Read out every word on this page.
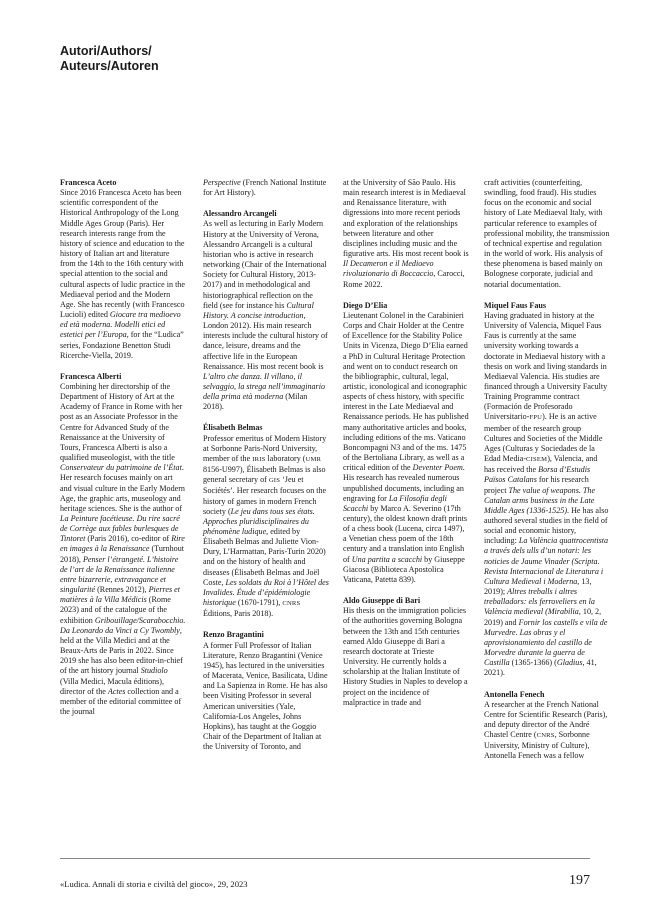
Autori/Authors/
Auteurs/Autoren
Francesca Aceto

Since 2016 Francesca Aceto has been scientific correspondent of the Historical Anthropology of the Long Middle Ages Group (Paris). Her research interests range from the history of science and education to the history of Italian art and literature from the 14th to the 16th century with special attention to the social and cultural aspects of ludic practice in the Mediaeval period and the Modern Age. She has recently (with Francesco Lucioli) edited Giocare tra medioevo ed età moderna. Modelli etici ed estetici per l’Europa, for the “Ludica” series, Fondazione Benetton Studi Ricerche-Viella, 2019.

Francesca Alberti

Combining her directorship of the Department of History of Art at the Academy of France in Rome with her post as an Associate Professor in the Centre for Advanced Study of the Renaissance at the University of Tours, Francesca Alberti is also a qualified museologist, with the title Conservateur du patrimoine de l’État. Her research focuses mainly on art and visual culture in the Early Modern Age, the graphic arts, museology and heritage sciences. She is the author of La Peinture facétieuse. Du rire sacré de Corrège aux fables burlesques de Tintoret (Paris 2016), co-editor of Rire en images à la Renaissance (Turnhout 2018), Penser l’étrangeté. L’histoire de l’art de la Renaissance italienne entre bizarrerie, extravagance et singularité (Rennes 2012), Pierres et matières à la Villa Médicis (Rome 2023) and of the catalogue of the exhibition Gribouillage/Scarabocchio. Da Leonardo da Vinci a Cy Twombly, held at the Villa Medici and at the Beaux-Arts de Paris in 2022. Since 2019 she has also been editor-in-chief of the art history journal Studiolo (Villa Medici, Macula éditions), director of the Actes collection and a member of the editorial committee of the journal

Perspective (French National Institute for Art History).

Alessandro Arcangeli

As well as lecturing in Early Modern History at the University of Verona, Alessandro Arcangeli is a cultural historian who is active in research networking (Chair of the International Society for Cultural History, 2013-2017) and in methodological and historiographical reflection on the field (see for instance his Cultural History. A concise introduction, London 2012). His main research interests include the cultural history of dance, leisure, dreams and the affective life in the European Renaissance. His most recent book is L’altro che danza. Il villano, il selvaggio, la strega nell’immaginario della prima età moderna (Milan 2018).

Élisabeth Belmas

Professor emeritus of Modern History at Sorbonne Paris-Nord University, member of the IRIS laboratory (UMR 8156-U997), Élisabeth Belmas is also general secretary of GIS ‘Jeu et Sociétés’. Her research focuses on the history of games in modern French society (Le jeu dans tous ses états. Approches pluridisciplinaires du phénomène ludique, edited by Élisabeth Belmas and Juliette Vion-Dury, L’Harmattan, Paris-Turin 2020) and on the history of health and diseases (Élisabeth Belmas and Joël Coste, Les soldats du Roi à l’Hôtel des Invalides. Étude d’épidémiologie historique (1670-1791), CNRS Éditions, Paris 2018).

Renzo Bragantini

A former Full Professor of Italian Literature, Renzo Bragantini (Venice 1945), has lectured in the universities of Macerata, Venice, Basilicata, Udine and La Sapienza in Rome. He has also been Visiting Professor in several American universities (Yale, California-Los Angeles, Johns Hopkins), has taught at the Goggio Chair of the Department of Italian at the University of Toronto, and

at the University of São Paulo. His main research interest is in Mediaeval and Renaissance literature, with digressions into more recent periods and exploration of the relationships between literature and other disciplines including music and the figurative arts. His most recent book is Il Decameron e il Medioevo rivoluzionario di Boccaccio, Carocci, Rome 2022.

Diego D’Elia

Lieutenant Colonel in the Carabinieri Corps and Chair Holder at the Centre of Excellence for the Stability Police Units in Vicenza, Diego D’Elia earned a PhD in Cultural Heritage Protection and went on to conduct research on the bibliographic, cultural, legal, artistic, iconological and iconographic aspects of chess history, with specific interest in the Late Mediaeval and Renaissance periods. He has published many authoritative articles and books, including editions of the ms. Vaticano Boncompagni N3 and of the ms. 1475 of the Bertoliana Library, as well as a critical edition of the Deventer Poem. His research has revealed numerous unpublished documents, including an engraving for La Filosofia degli Scacchi by Marco A. Severino (17th century), the oldest known draft prints of a chess book (Lucena, circa 1497), a Venetian chess poem of the 18th century and a translation into English of Una partita a scacchi by Giuseppe Giacosa (Biblioteca Apostolica Vaticana, Patetta 839).

Aldo Giuseppe di Bari

His thesis on the immigration policies of the authorities governing Bologna between the 13th and 15th centuries earned Aldo Giuseppe di Bari a research doctorate at Trieste University. He currently holds a scholarship at the Italian Institute of History Studies in Naples to develop a project on the incidence of malpractice in trade and

craft activities (counterfeiting, swindling, food fraud). His studies focus on the economic and social history of Late Mediaeval Italy, with particular reference to examples of professional mobility, the transmission of technical expertise and regulation in the world of work. His analysis of these phenomena is based mainly on Bolognese corporate, judicial and notarial documentation.

Miquel Faus Faus

Having graduated in history at the University of Valencia, Miquel Faus Faus is currently at the same university working towards a doctorate in Mediaeval history with a thesis on work and living standards in Mediaeval Valencia. His studies are financed through a University Faculty Training Programme contract (Formación de Profesorado Universitario-FPU). He is an active member of the research group Cultures and Societies of the Middle Ages (Culturas y Sociedades de la Edad Media-CISEM), Valencia, and has received the Borsa d’Estudis Països Catalans for his research project The value of weapons. The Catalan arms business in the Late Middle Ages (1336-1525). He has also authored several studies in the field of social and economic history, including: La València quattrocentista a través dels ulls d’un notari: les noticies de Jaume Vinader (Scripta. Revista Internacional de Literatura i Cultura Medieval i Moderna, 13, 2019); Altres treballs i altres treballadors: els ferroveliers en la València medieval (Mirabilia, 10, 2, 2019) and Fornir los castells e vila de Murvedre. Las obras y el aprovisionamiento del castillo de Morvedre durante la guerra de Castilla (1365-1366) (Gladius, 41, 2021).

Antonella Fenech

A researcher at the French National Centre for Scientific Research (Paris), and deputy director of the André Chastel Centre (CNRS, Sorbonne University, Ministry of Culture), Antonella Fenech was a fellow

«Ludica. Annali di storia e civiltà del gioco», 29, 2023	197
